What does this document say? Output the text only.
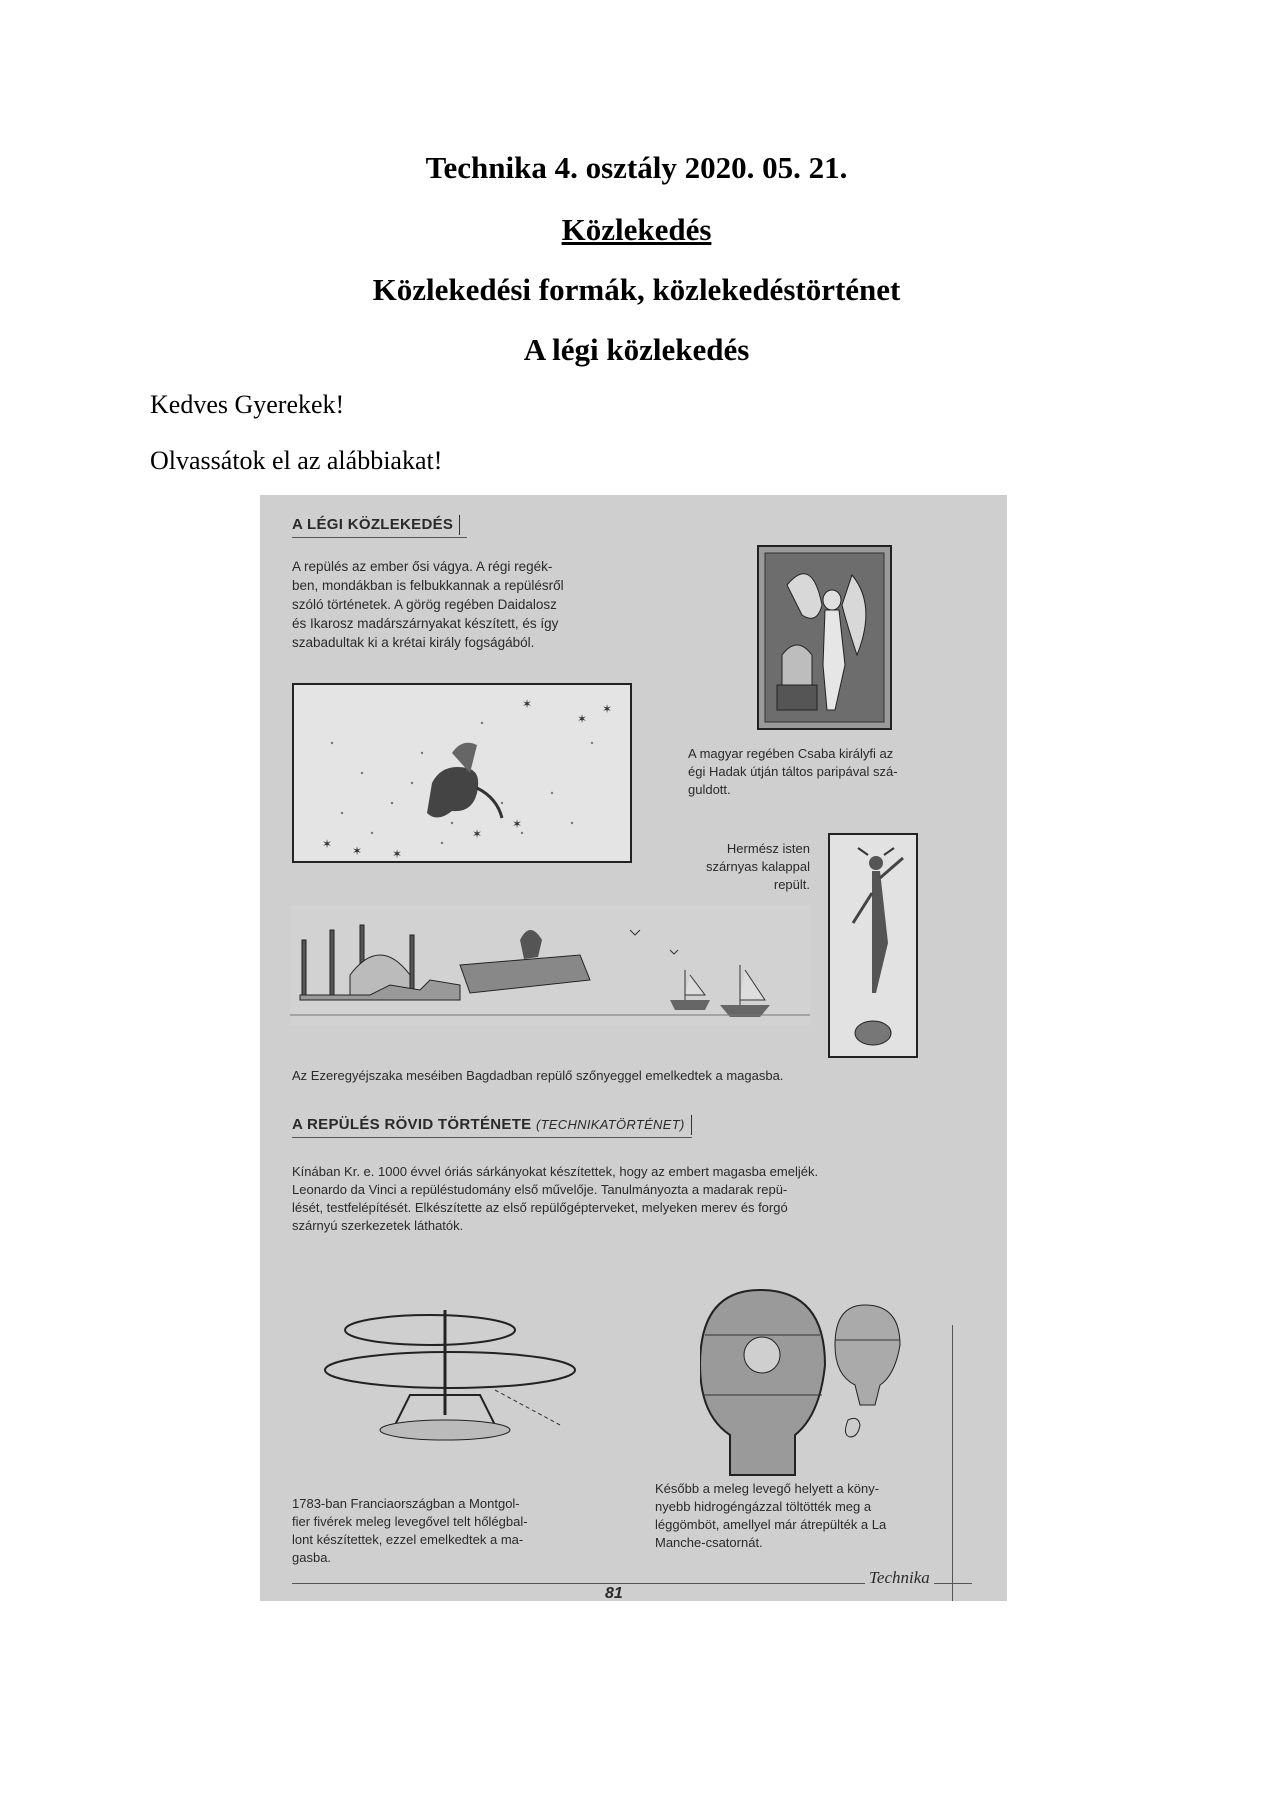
Technika 4. osztály 2020. 05. 21.
Közlekedés
Közlekedési formák, közlekedéstörténet
A légi közlekedés
Kedves Gyerekek!
Olvassátok el az alábbiakat!
A LÉGI KÖZLEKEDÉS
A repülés az ember ősi vágya. A régi regék-
ben, mondákban is felbukkannak a repülésről
szóló történetek. A görög regében Daidalosz
és Ikarosz madárszárnyakat készített, és így
szabadultak ki a krétai király fogságából.
✶
✶
✶
✶
✶
✶ ✶ ✶
A magyar regében Csaba királyfi az
égi Hadak útján táltos paripával szá-
guldott.
Hermész isten
szárnyas kalappal
repült.
Az Ezeregyéjszaka meséiben Bagdadban repülő szőnyeggel emelkedtek a magasba.
A REPÜLÉS RÖVID TÖRTÉNETE (TECHNIKATÖRTÉNET)
Kínában Kr. e. 1000 évvel óriás sárkányokat készítettek, hogy az embert magasba emeljék.
Leonardo da Vinci a repüléstudomány első művelője. Tanulmányozta a madarak repü-
lését, testfelépítését. Elkészítette az első repülőgépterveket, melyeken merev és forgó
szárnyú szerkezetek láthatók.
1783-ban Franciaországban a Montgol-
fier fivérek meleg levegővel telt hőlégbal-
lont készítettek, ezzel emelkedtek a ma-
gasba.
Később a meleg levegő helyett a köny-
nyebb hidrogéngázzal töltötték meg a
léggömböt, amellyel már átrepülték a La
Manche-csatornát.
81
Technika
